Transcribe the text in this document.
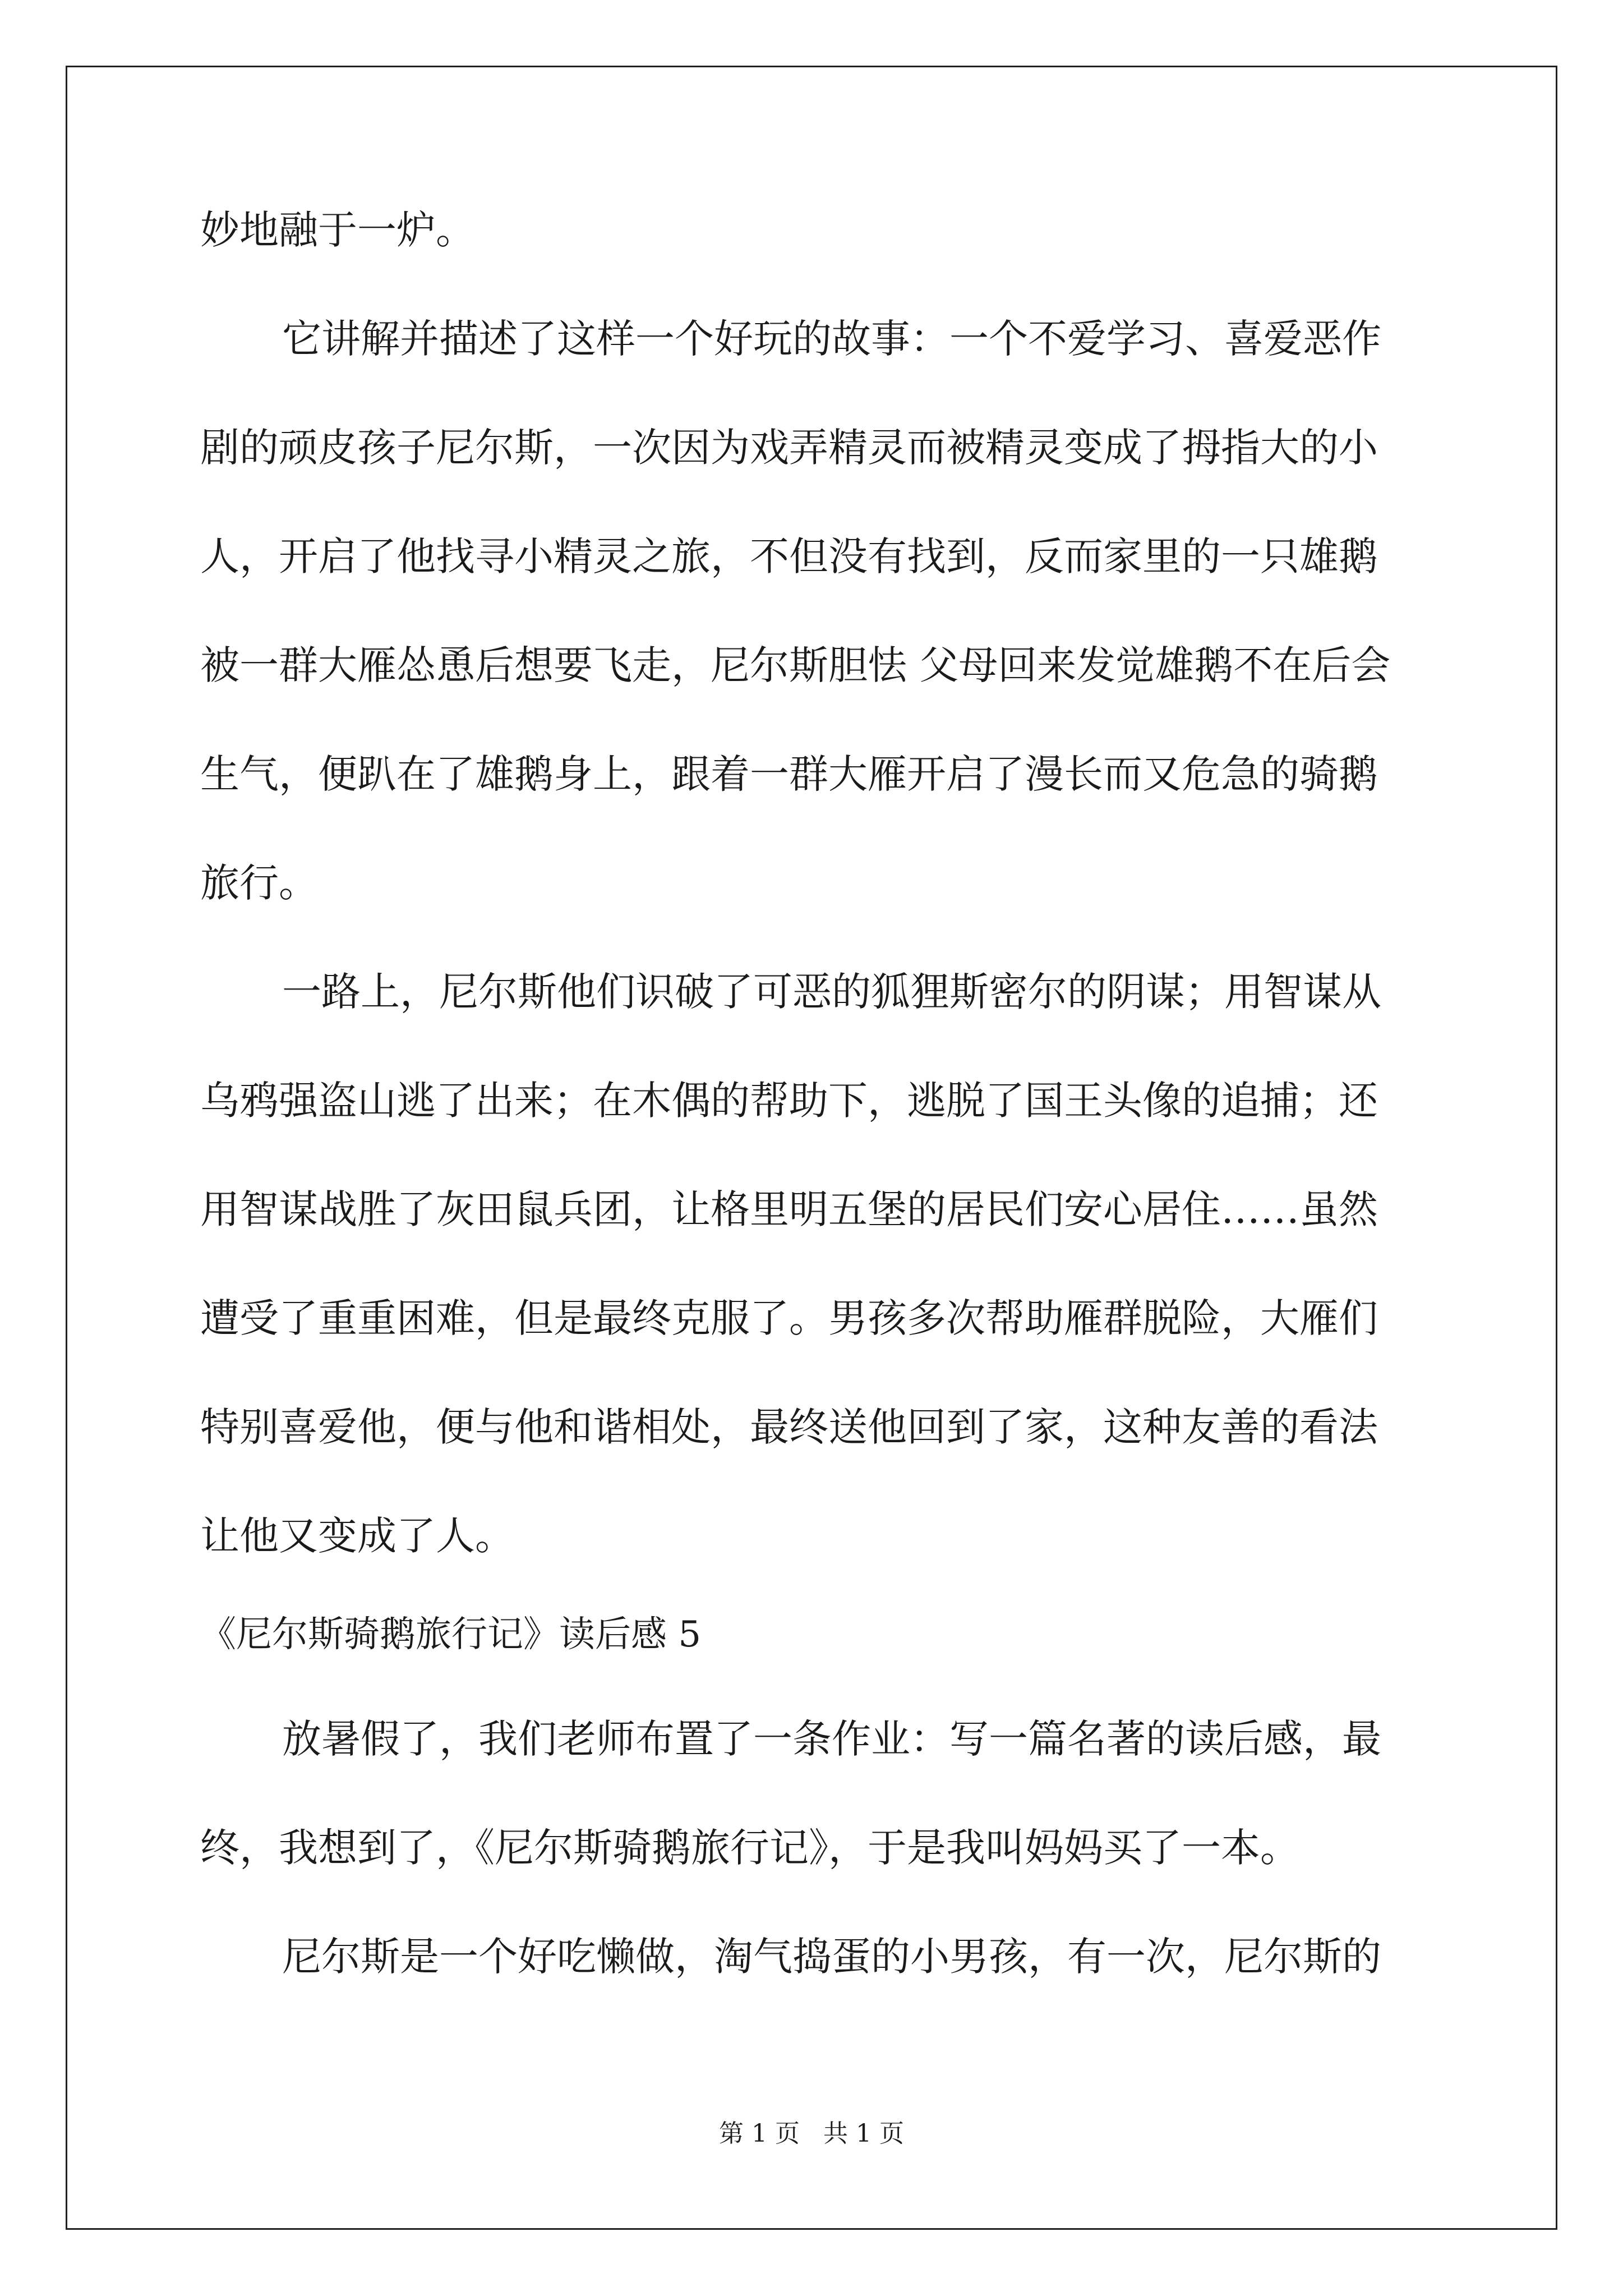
妙地融于一炉。
它讲解并描述了这样一个好玩的故事：一个不爱学习、喜爱恶作
剧的顽皮孩子尼尔斯，一次因为戏弄精灵而被精灵变成了拇指大的小
人，开启了他找寻小精灵之旅，不但没有找到，反而家里的一只雄鹅
被一群大雁怂恿后想要飞走，尼尔斯胆怯 父母回来发觉雄鹅不在后会
生气，便趴在了雄鹅身上，跟着一群大雁开启了漫长而又危急的骑鹅
旅行。
一路上，尼尔斯他们识破了可恶的狐狸斯密尔的阴谋；用智谋从
乌鸦强盗山逃了出来；在木偶的帮助下，逃脱了国王头像的追捕；还
用智谋战胜了灰田鼠兵团，让格里明五堡的居民们安心居住……虽然
遭受了重重困难，但是最终克服了。男孩多次帮助雁群脱险，大雁们
特别喜爱他，便与他和谐相处，最终送他回到了家，这种友善的看法
让他又变成了人。
《尼尔斯骑鹅旅行记》读后感 5
放暑假了，我们老师布置了一条作业：写一篇名著的读后感，最
终，我想到了，《尼尔斯骑鹅旅行记》，于是我叫妈妈买了一本。
尼尔斯是一个好吃懒做，淘气捣蛋的小男孩，有一次，尼尔斯的
第 1 页   共 1 页
